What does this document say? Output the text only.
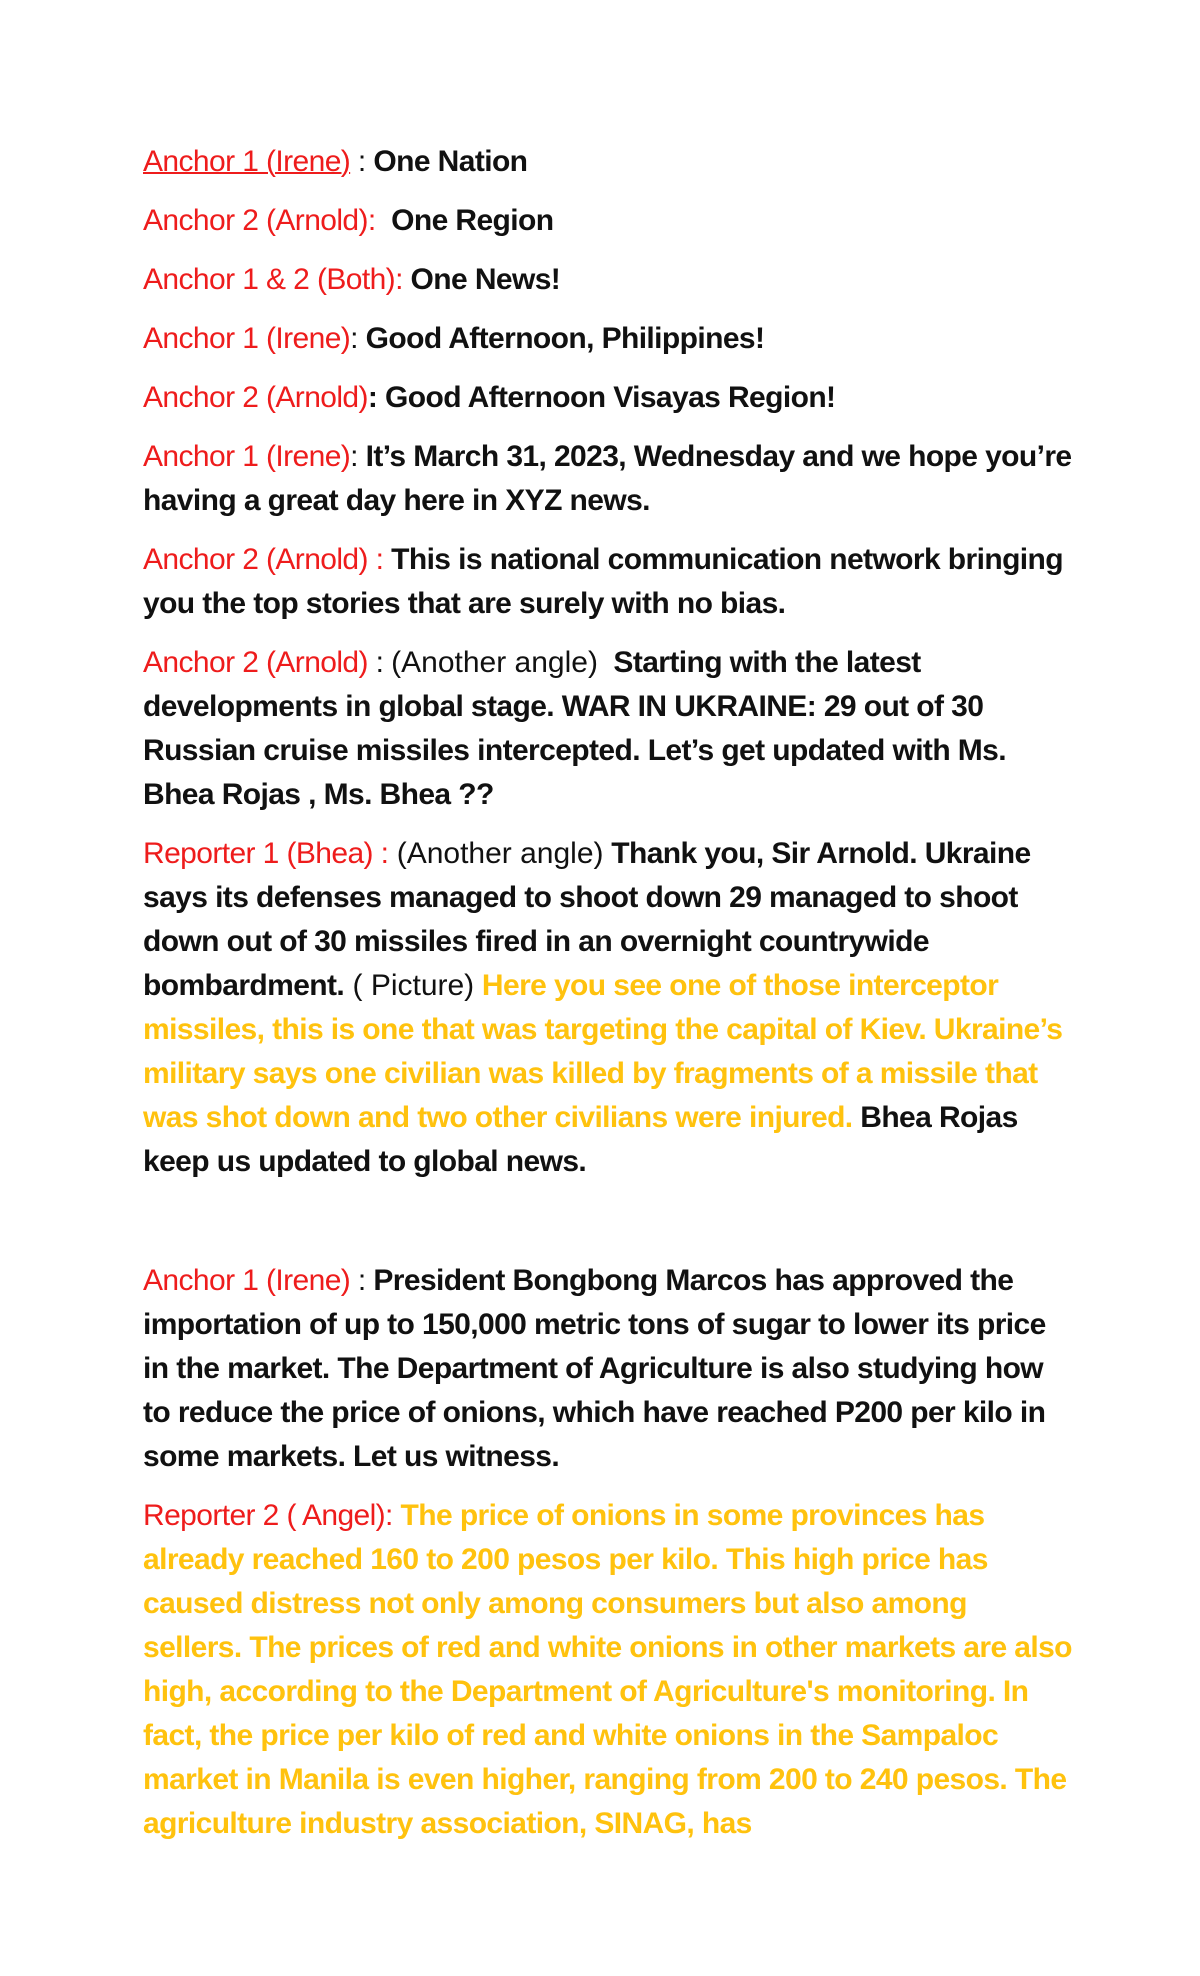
Anchor 1 (Irene) : One Nation

Anchor 2 (Arnold):  One Region

Anchor 1 & 2 (Both): One News!

Anchor 1 (Irene): Good Afternoon, Philippines!

Anchor 2 (Arnold): Good Afternoon Visayas Region!

Anchor 1 (Irene): It’s March 31, 2023, Wednesday and we hope you’re having a great day here in XYZ news.

Anchor 2 (Arnold) : This is national communication network bringing you the top stories that are surely with no bias.

Anchor 2 (Arnold) : (Another angle)  Starting with the latest developments in global stage. WAR IN UKRAINE: 29 out of 30 Russian cruise missiles intercepted. Let’s get updated with Ms. Bhea Rojas , Ms. Bhea ??

Reporter 1 (Bhea) : (Another angle) Thank you, Sir Arnold. Ukraine says its defenses managed to shoot down 29 managed to shoot down out of 30 missiles fired in an overnight countrywide bombardment. ( Picture) Here you see one of those interceptor missiles, this is one that was targeting the capital of Kiev. Ukraine’s military says one civilian was killed by fragments of a missile that was shot down and two other civilians were injured. Bhea Rojas keep us updated to global news.

Anchor 1 (Irene) : President Bongbong Marcos has approved the importation of up to 150,000 metric tons of sugar to lower its price in the market. The Department of Agriculture is also studying how to reduce the price of onions, which have reached P200 per kilo in some markets. Let us witness.

Reporter 2 ( Angel): The price of onions in some provinces has already reached 160 to 200 pesos per kilo. This high price has caused distress not only among consumers but also among sellers. The prices of red and white onions in other markets are also high, according to the Department of Agriculture's monitoring. In fact, the price per kilo of red and white onions in the Sampaloc market in Manila is even higher, ranging from 200 to 240 pesos. The agriculture industry association, SINAG, has
